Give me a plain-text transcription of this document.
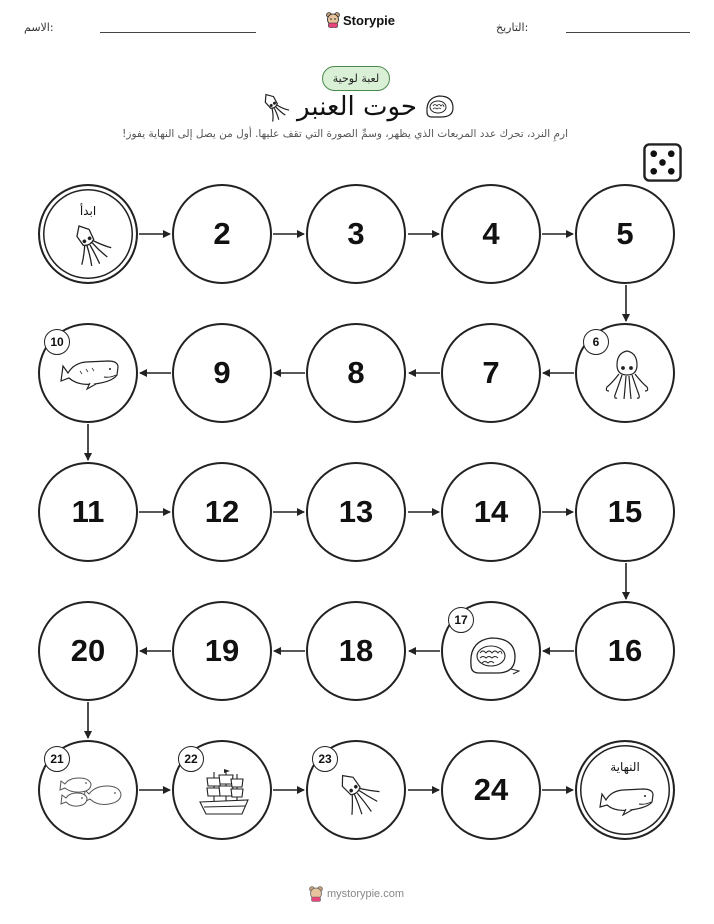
الاسم:	Storypie	التاريخ:
لعبة لوحية
حوت العنبر
ارمِ النرد، تحرك عدد المربعات الذي يظهر، وسمِّ الصورة التي تقف عليها. أول من يصل إلى النهاية يفوز!
ابدأ
2	3	4	5
10
9	8	7
6
11	12	13	14	15
20	19	18
17
16
21	22	23
24
النهاية
mystorypie.com
